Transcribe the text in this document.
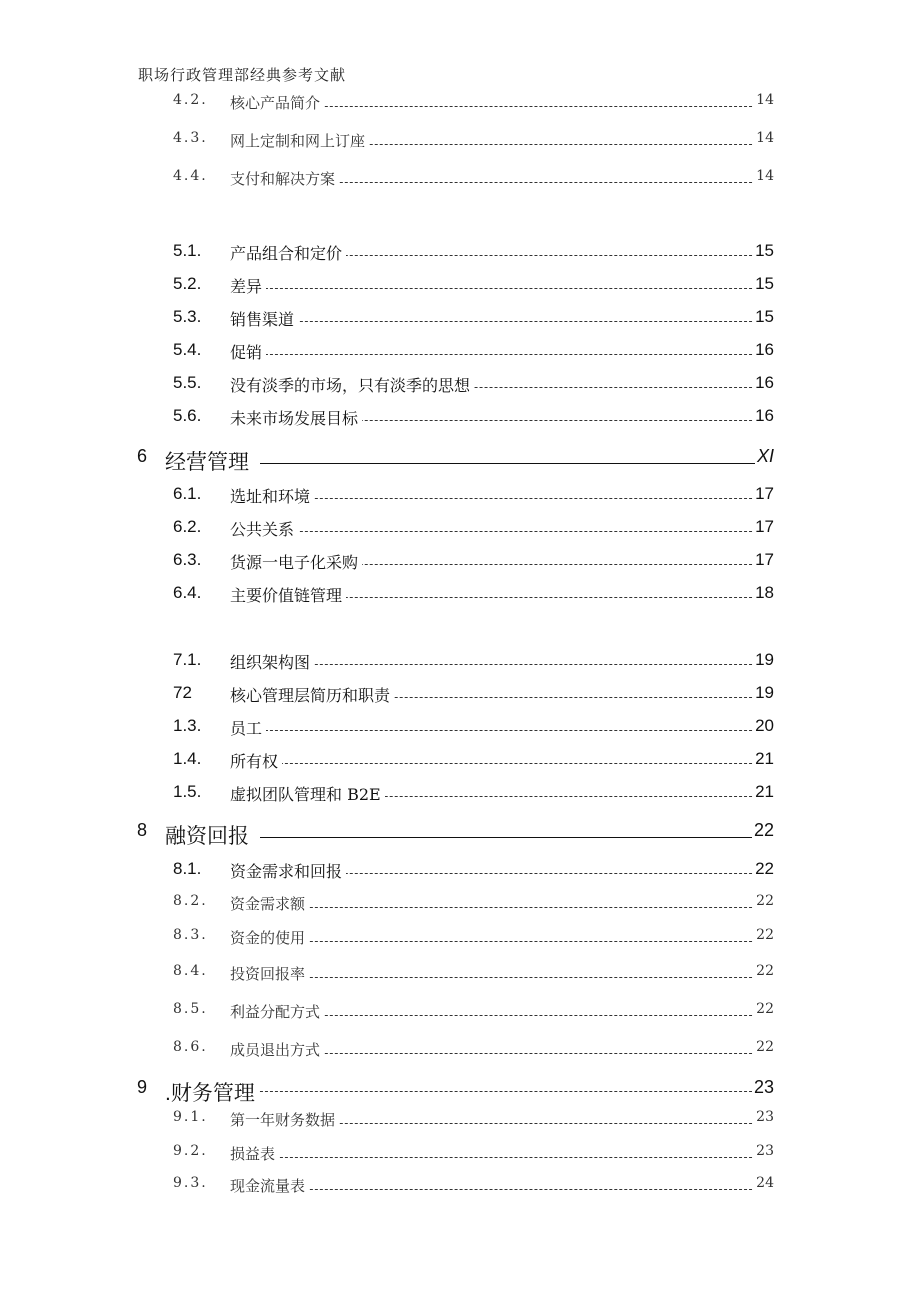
职场行政管理部经典参考文献
4.2. 核心产品简介	14
4.3. 网上定制和网上订座	14
4.4. 支付和解决方案	14
5.1. 产品组合和定价	15
5.2. 差异	15
5.3. 销售渠道	15
5.4. 促销	16
5.5. 没有淡季的市场，只有淡季的思想	16
5.6. 未来市场发展目标	16
6 经营管理	XI
6.1. 选址和环境	17
6.2. 公共关系	17
6.3. 货源一电子化采购	17
6.4. 主要价值链管理	18
7.1. 组织架构图	19
72 核心管理层简历和职责	19
1.3. 员工	20
1.4. 所有权	21
1.5. 虚拟团队管理和 B2E	21
8 融资回报	22
8.1. 资金需求和回报	22
8.2. 资金需求额	22
8.3. 资金的使用	22
8.4. 投资回报率	22
8.5. 利益分配方式	22
8.6. 成员退出方式	22
9 .财务管理	23
9.1. 第一年财务数据	23
9.2. 损益表	23
9.3. 现金流量表	24
